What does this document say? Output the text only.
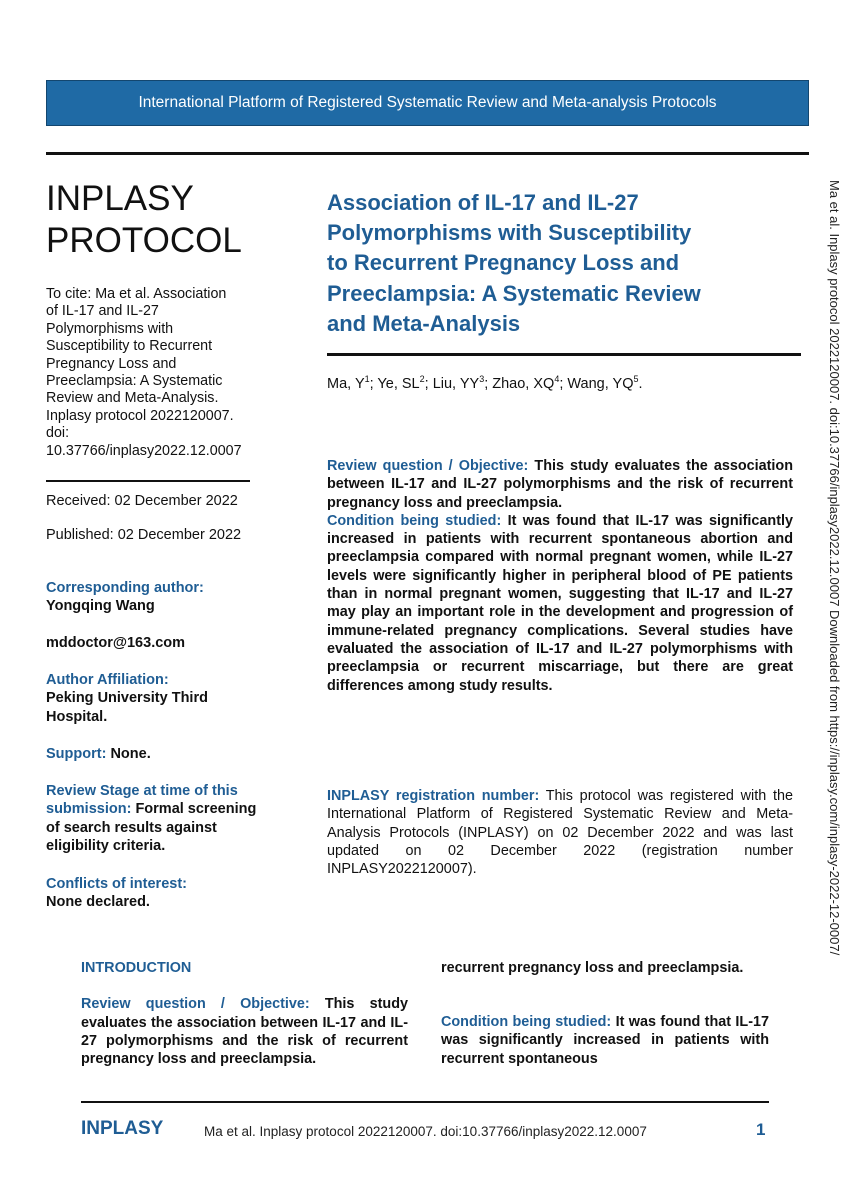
International Platform of Registered Systematic Review and Meta-analysis Protocols
Ma et al. Inplasy protocol 2022120007. doi:10.37766/inplasy2022.12.0007 Downloaded from https://inplasy.com/inplasy-2022-12-0007/
INPLASY
PROTOCOL
To cite: Ma et al. Association
of IL-17 and IL-27
Polymorphisms with
Susceptibility to Recurrent
Pregnancy Loss and
Preeclampsia: A Systematic
Review and Meta-Analysis.
Inplasy protocol 2022120007.
doi:
10.37766/inplasy2022.12.0007
Received: 02 December 2022
Published: 02 December 2022
Corresponding author:
Yongqing Wang
mddoctor@163.com
Author Affiliation:
Peking University Third
Hospital.
Support: None.
Review Stage at time of this
submission: Formal screening
of search results against
eligibility criteria.
Conflicts of interest:
None declared.
Association of IL-17 and IL-27
Polymorphisms with Susceptibility
to Recurrent Pregnancy Loss and
Preeclampsia: A Systematic Review
and Meta-Analysis
Ma, $Y^1$; Ye, $SL^2$; Liu, $YY^3$; Zhao, $XQ^4$; Wang, $YQ^5$.
Review question / Objective: This study evaluates the association between IL-17 and IL-27 polymorphisms and the risk of recurrent pregnancy loss and preeclampsia.
Condition being studied: It was found that IL-17 was significantly increased in patients with recurrent spontaneous abortion and preeclampsia compared with normal pregnant women, while IL-27 levels were significantly higher in peripheral blood of PE patients than in normal pregnant women, suggesting that IL-17 and IL-27 may play an important role in the development and progression of immune-related pregnancy complications. Several studies have evaluated the association of IL-17 and IL-27 polymorphisms with preeclampsia or recurrent miscarriage, but there are great differences among study results.
INPLASY registration number: This protocol was registered with the International Platform of Registered Systematic Review and Meta-Analysis Protocols (INPLASY) on 02 December 2022 and was last updated on 02 December 2022 (registration number INPLASY2022120007).
INTRODUCTION
Review question / Objective: This study evaluates the association between IL-17 and IL-27 polymorphisms and the risk of recurrent pregnancy loss and preeclampsia.
recurrent pregnancy loss and preeclampsia.
Condition being studied: It was found that IL-17 was significantly increased in patients with recurrent spontaneous
INPLASY	Ma et al. Inplasy protocol 2022120007. doi:10.37766/inplasy2022.12.0007	1
